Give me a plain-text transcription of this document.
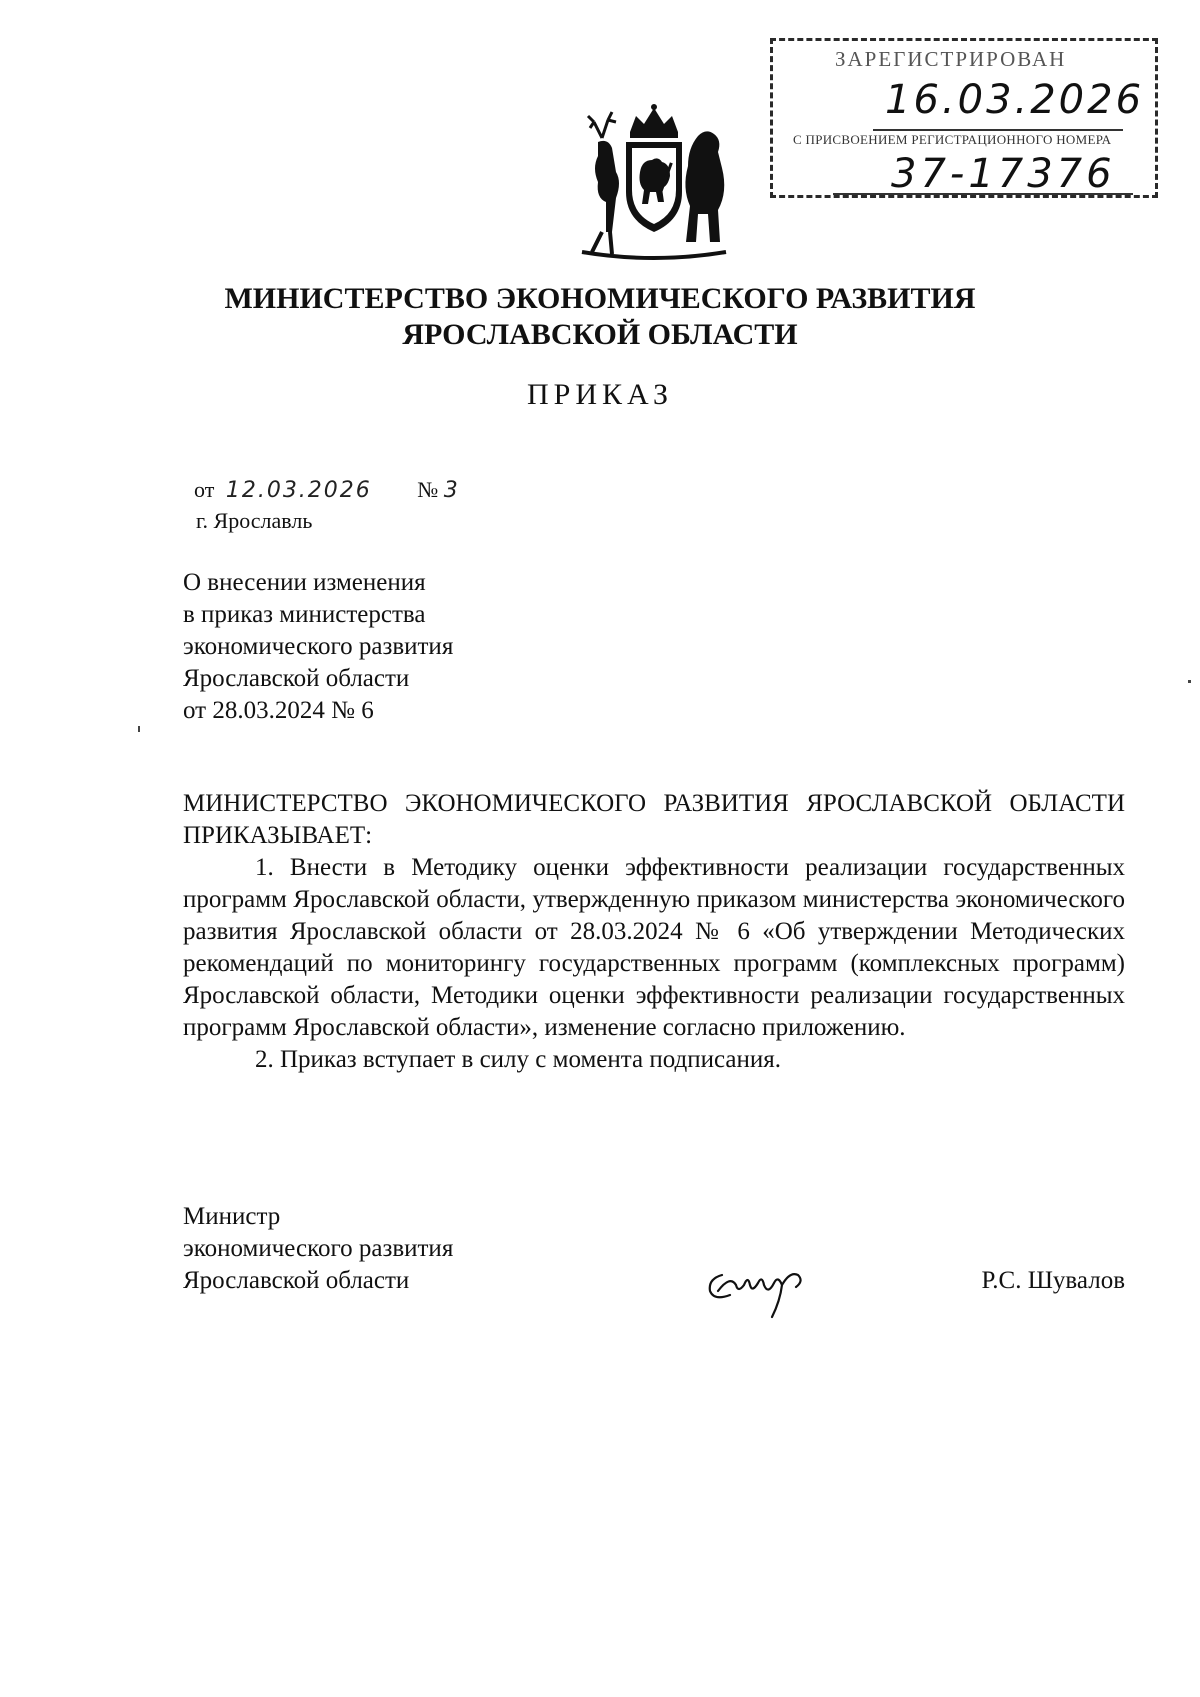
ЗАРЕГИСТРИРОВАН
16.03.2026
С ПРИСВОЕНИЕМ РЕГИСТРАЦИОННОГО НОМЕРА
37-17376
МИНИСТЕРСТВО ЭКОНОМИЧЕСКОГО РАЗВИТИЯ
ЯРОСЛАВСКОЙ ОБЛАСТИ
ПРИКАЗ
от 12.03.2026 № 3
г. Ярославль
О внесении изменения
в приказ министерства
экономического развития
Ярославской области
от 28.03.2024 № 6

МИНИСТЕРСТВО ЭКОНОМИЧЕСКОГО РАЗВИТИЯ ЯРОСЛАВСКОЙ ОБЛАСТИ ПРИКАЗЫВАЕТ:

1. Внести в Методику оценки эффективности реализации государственных программ Ярославской области, утвержденную приказом министерства экономического развития Ярославской области от 28.03.2024 № 6 «Об утверждении Методических рекомендаций по мониторингу государственных программ (комплексных программ) Ярославской области, Методики оценки эффективности реализации государственных программ Ярославской области», изменение согласно приложению.

2. Приказ вступает в силу с момента подписания.

Министр
экономического развития
Ярославской области	Р.С. Шувалов
